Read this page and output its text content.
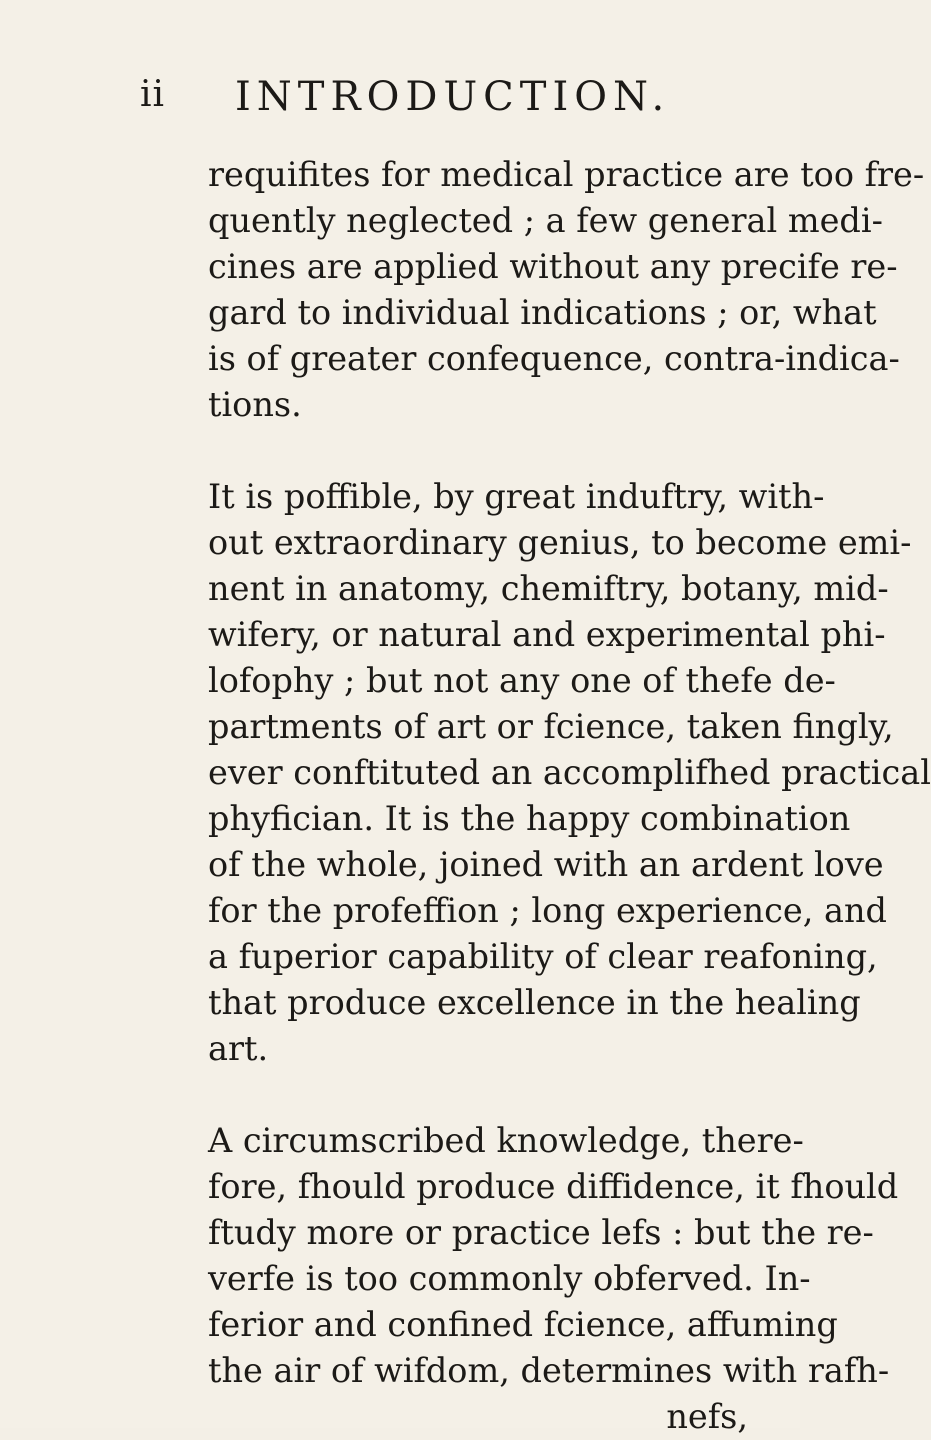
ii INTRODUCTION.
requifites for medical practice are too fre-
quently neglected ; a few general medi-
cines are applied without any precife re-
gard to individual indications ; or, what
is of greater confequence, contra-indica-
tions.
It is poffible, by great induftry, with-
out extraordinary genius, to become emi-
nent in anatomy, chemiftry, botany, mid-
wifery, or natural and experimental phi-
lofophy ; but not any one of thefe de-
partments of art or fcience, taken fingly,
ever conftituted an accomplifhed practical
phyfician. It is the happy combination
of the whole, joined with an ardent love
for the profeffion ; long experience, and
a fuperior capability of clear reafoning,
that produce excellence in the healing
art.
A circumscribed knowledge, there-
fore, fhould produce diffidence, it fhould
ftudy more or practice lefs : but the re-
verfe is too commonly obferved. In-
ferior and confined fcience, affuming
the air of wifdom, determines with rafh-
nefs,
